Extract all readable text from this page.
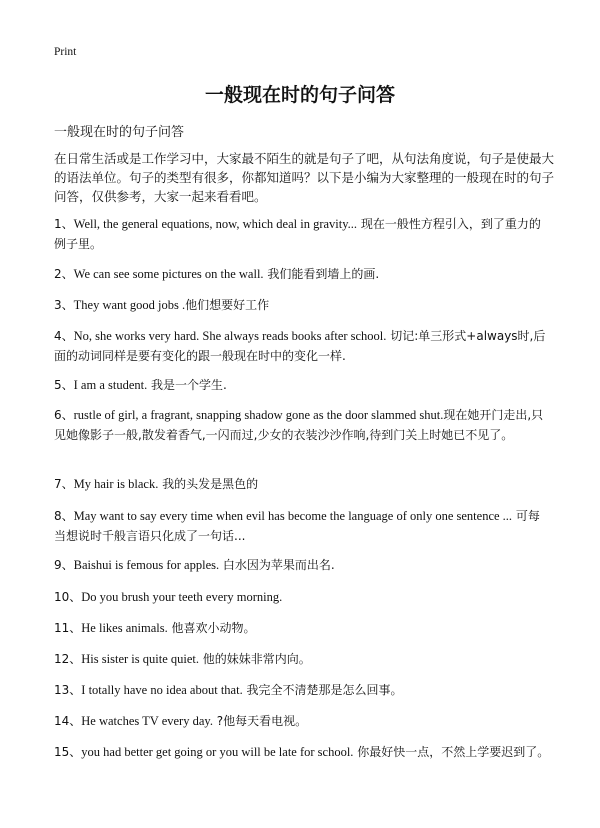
Print
一般现在时的句子问答
一般现在时的句子问答
在日常生活或是工作学习中，大家最不陌生的就是句子了吧，从句法角度说，句子是使最大的语法单位。句子的类型有很多，你都知道吗？以下是小编为大家整理的一般现在时的句子问答，仅供参考，大家一起来看看吧。
1、Well, the general equations, now, which deal in gravity... 现在一般性方程引入，到了重力的例子里。
2、We can see some pictures on the wall. 我们能看到墙上的画.
3、They want good jobs .他们想要好工作
4、No, she works very hard. She always reads books after school. 切记:单三形式+always时,后面的动词同样是要有变化的跟一般现在时中的变化一样.
5、I am a student. 我是一个学生.
6、rustle of girl, a fragrant, snapping shadow gone as the door slammed shut.现在她开门走出,只见她像影子一般,散发着香气,一闪而过,少女的衣装沙沙作响,待到门关上时她已不见了。
7、My hair is black. 我的头发是黑色的
8、May want to say every time when evil has become the language of only one sentence ... 可每当想说时千般言语只化成了一句话...
9、Baishui is femous for apples. 白水因为苹果而出名.
10、Do you brush your teeth every morning.
11、He likes animals. 他喜欢小动物。
12、His sister is quite quiet. 他的妹妹非常内向。
13、I totally have no idea about that. 我完全不清楚那是怎么回事。
14、He watches TV every day. ?他每天看电视。
15、you had better get going or you will be late for school. 你最好快一点，不然上学要迟到了。
